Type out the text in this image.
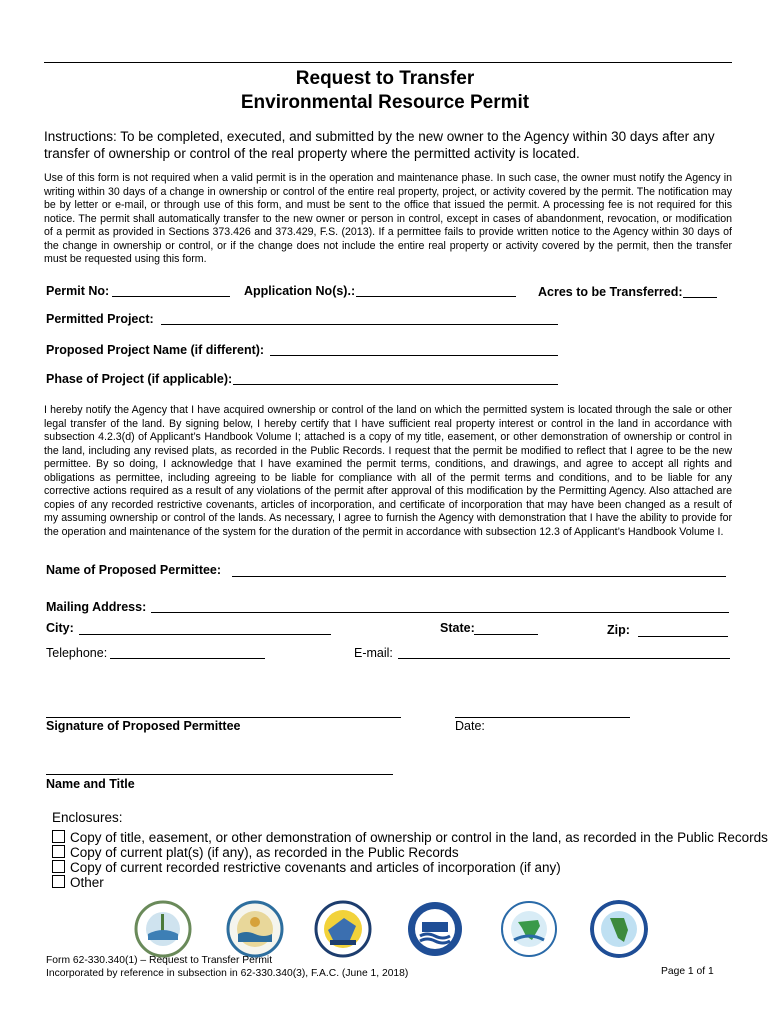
Request to Transfer
Environmental Resource Permit
Instructions: To be completed, executed, and submitted by the new owner to the Agency within 30 days after any transfer of ownership or control of the real property where the permitted activity is located.
Use of this form is not required when a valid permit is in the operation and maintenance phase. In such case, the owner must notify the Agency in writing within 30 days of a change in ownership or control of the entire real property, project, or activity covered by the permit. The notification may be by letter or e-mail, or through use of this form, and must be sent to the office that issued the permit. A processing fee is not required for this notice. The permit shall automatically transfer to the new owner or person in control, except in cases of abandonment, revocation, or modification of a permit as provided in Sections 373.426 and 373.429, F.S. (2013). If a permittee fails to provide written notice to the Agency within 30 days of the change in ownership or control, or if the change does not include the entire real property or activity covered by the permit, then the transfer must be requested using this form.
Permit No:	Application No(s).:	Acres to be Transferred:
Permitted Project:
Proposed Project Name (if different):
Phase of Project (if applicable):
I hereby notify the Agency that I have acquired ownership or control of the land on which the permitted system is located through the sale or other legal transfer of the land. By signing below, I hereby certify that I have sufficient real property interest or control in the land in accordance with subsection 4.2.3(d) of Applicant’s Handbook Volume I; attached is a copy of my title, easement, or other demonstration of ownership or control in the land, including any revised plats, as recorded in the Public Records. I request that the permit be modified to reflect that I agree to be the new permittee. By so doing, I acknowledge that I have examined the permit terms, conditions, and drawings, and agree to accept all rights and obligations as permittee, including agreeing to be liable for compliance with all of the permit terms and conditions, and to be liable for any corrective actions required as a result of any violations of the permit after approval of this modification by the Permitting Agency. Also attached are copies of any recorded restrictive covenants, articles of incorporation, and certificate of incorporation that may have been changed as a result of my assuming ownership or control of the lands. As necessary, I agree to furnish the Agency with demonstration that I have the ability to provide for the operation and maintenance of the system for the duration of the permit in accordance with subsection 12.3 of Applicant’s Handbook Volume I.
Name of Proposed Permittee:
Mailing Address:
City:	State:	Zip:
Telephone:	E-mail:
Signature of Proposed Permittee	Date:
Name and Title
Enclosures:
Copy of title, easement, or other demonstration of ownership or control in the land, as recorded in the Public Records
Copy of current plat(s) (if any), as recorded in the Public Records
Copy of current recorded restrictive covenants and articles of incorporation (if any)
Other
Form 62-330.340(1) – Request to Transfer Permit
Incorporated by reference in subsection in 62-330.340(3), F.A.C. (June 1, 2018)	Page 1 of 1
